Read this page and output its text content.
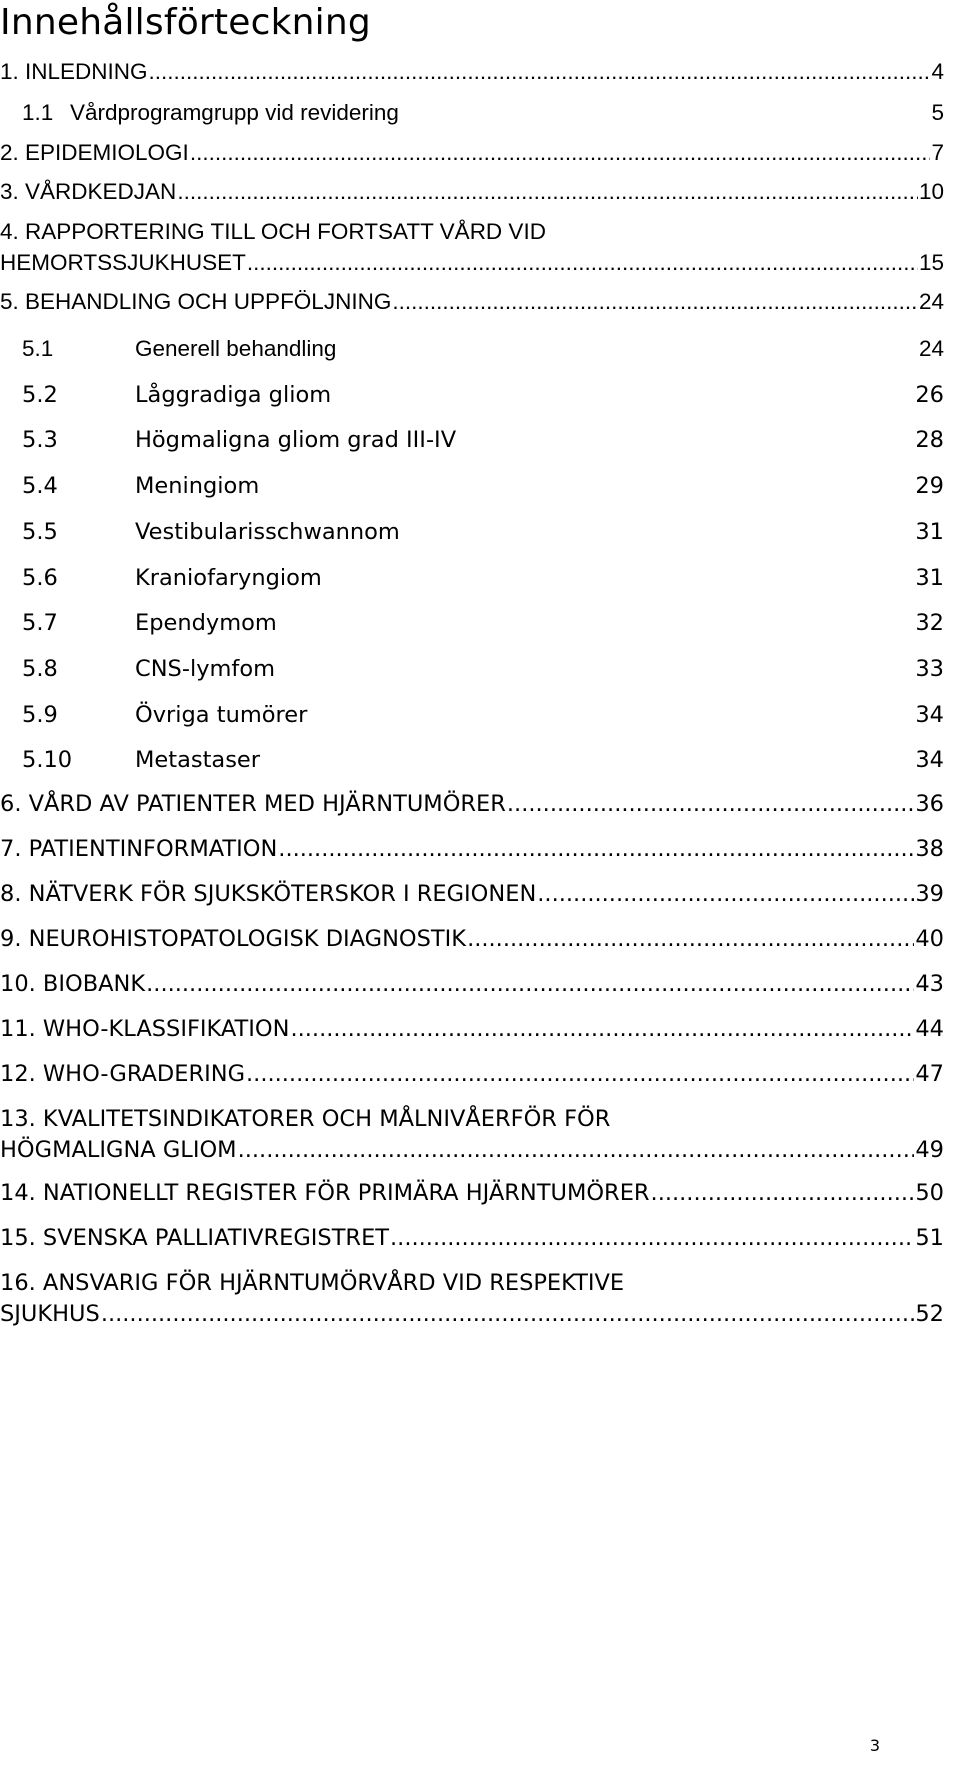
Innehållsförteckning
1. INLEDNING .....	4
1.1 Vårdprogramgrupp vid revidering	5
2. EPIDEMIOLOGI .....	7
3. VÅRDKEDJAN .....	10
4. RAPPORTERING TILL OCH FORTSATT VÅRD VID
HEMORTSSJUKHUSET .....	15
5. BEHANDLING OCH UPPFÖLJNING .....	24
5.1	Generell behandling	24
5.2	Låggradiga gliom	26
5.3	Högmaligna gliom grad III-IV	28
5.4	Meningiom	29
5.5	Vestibularisschwannom	31
5.6	Kraniofaryngiom	31
5.7	Ependymom	32
5.8	CNS-lymfom	33
5.9	Övriga tumörer	34
5.10	Metastaser	34
6. VÅRD AV PATIENTER MED HJÄRNTUMÖRER .....	36
7. PATIENTINFORMATION .....	38
8. NÄTVERK FÖR SJUKSKÖTERSKOR I REGIONEN .....	39
9. NEUROHISTOPATOLOGISK DIAGNOSTIK .....	40
10. BIOBANK .....	43
11. WHO-KLASSIFIKATION .....	44
12. WHO-GRADERING .....	47
13. KVALITETSINDIKATORER OCH MÅLNIVÅERFÖR FÖR
HÖGMALIGNA GLIOM .....	49
14. NATIONELLT REGISTER FÖR PRIMÄRA HJÄRNTUMÖRER .....	50
15. SVENSKA PALLIATIVREGISTRET .....	51
16. ANSVARIG FÖR HJÄRNTUMÖRVÅRD VID RESPEKTIVE
SJUKHUS .....	52
3
